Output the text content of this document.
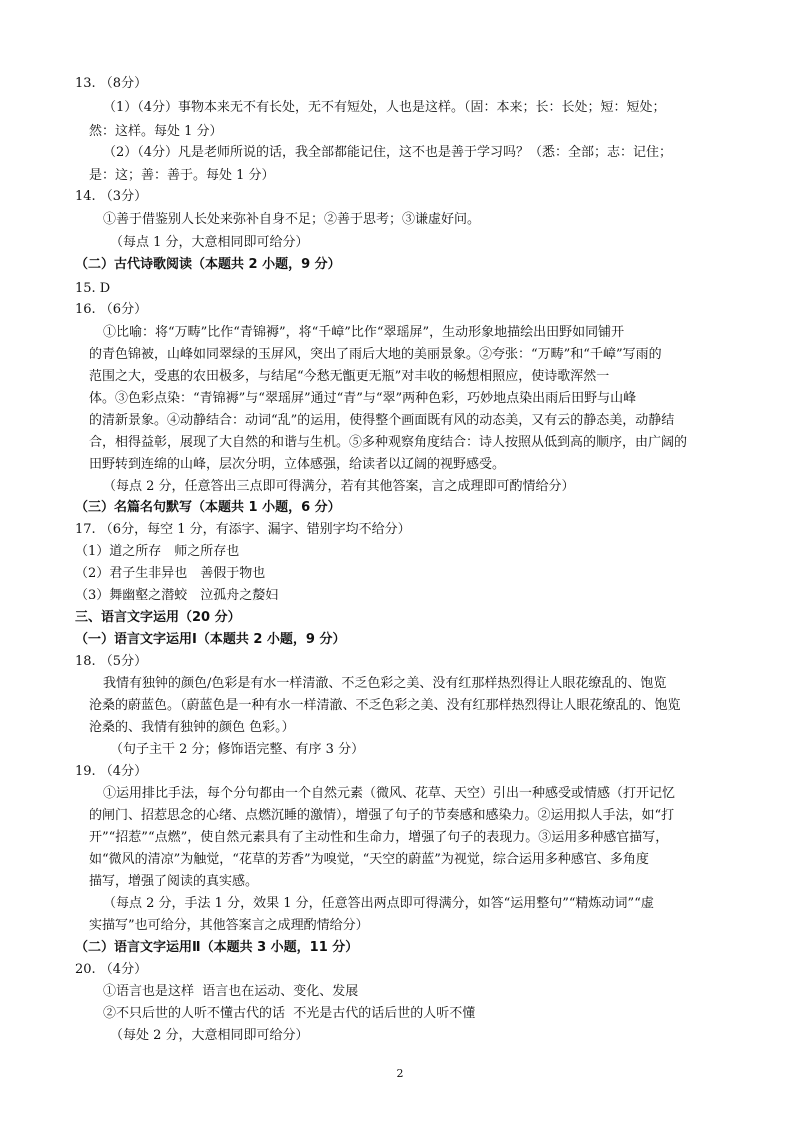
13. （8分）
（1）（4分）事物本来无不有长处，无不有短处，人也是这样。（固：本来；长：长处；短：短处；
然：这样。每处 1 分）
（2）（4分）凡是老师所说的话，我全部都能记住，这不也是善于学习吗？（悉：全部；志：记住；
是：这；善：善于。每处 1 分）
14. （3分）
①善于借鉴别人长处来弥补自身不足；②善于思考；③谦虚好问。
（每点 1 分，大意相同即可给分）
（二）古代诗歌阅读（本题共 2 小题，9 分）
15. D
16. （6分）
①比喻：将“万畴”比作“青锦褥”，将“千嶂”比作“翠瑶屏”，生动形象地描绘出田野如同铺开
的青色锦被，山峰如同翠绿的玉屏风，突出了雨后大地的美丽景象。②夸张：“万畴”和“千嶂”写雨的
范围之大，受惠的农田极多，与结尾“今愁无甑更无瓶”对丰收的畅想相照应，使诗歌浑然一
体。③色彩点染：“青锦褥”与“翠瑶屏”通过“青”与“翠”两种色彩，巧妙地点染出雨后田野与山峰
的清新景象。④动静结合：动词“乱”的运用，使得整个画面既有风的动态美，又有云的静态美，动静结
合，相得益彰，展现了大自然的和谐与生机。⑤多种观察角度结合：诗人按照从低到高的顺序，由广阔的
田野转到连绵的山峰，层次分明，立体感强，给读者以辽阔的视野感受。
（每点 2 分，任意答出三点即可得满分，若有其他答案，言之成理即可酌情给分）
（三）名篇名句默写（本题共 1 小题，6 分）
17. （6分，每空 1 分，有添字、漏字、错别字均不给分）
（1）道之所存　师之所存也
（2）君子生非异也　善假于物也
（3）舞幽壑之潜蛟　泣孤舟之嫠妇
三、语言文字运用（20 分）
（一）语言文字运用Ⅰ（本题共 2 小题，9 分）
18. （5分）
我情有独钟的颜色/色彩是有水一样清澈、不乏色彩之美、没有红那样热烈得让人眼花缭乱的、饱览
沧桑的蔚蓝色。（蔚蓝色是一种有水一样清澈、不乏色彩之美、没有红那样热烈得让人眼花缭乱的、饱览
沧桑的、我情有独钟的颜色 色彩。）
（句子主干 2 分；修饰语完整、有序 3 分）
19. （4分）
①运用排比手法，每个分句都由一个自然元素（微风、花草、天空）引出一种感受或情感（打开记忆
的闸门、招惹思念的心绪、点燃沉睡的激情），增强了句子的节奏感和感染力。②运用拟人手法，如“打
开”“招惹”“点燃”，使自然元素具有了主动性和生命力，增强了句子的表现力。③运用多种感官描写，
如“微风的清凉”为触觉，“花草的芳香”为嗅觉，“天空的蔚蓝”为视觉，综合运用多种感官、多角度
描写，增强了阅读的真实感。
（每点 2 分，手法 1 分，效果 1 分，任意答出两点即可得满分，如答“运用整句”“精炼动词”“虚
实描写”也可给分，其他答案言之成理酌情给分）
（二）语言文字运用Ⅱ（本题共 3 小题，11 分）
20. （4分）
①语言也是这样  语言也在运动、变化、发展
②不只后世的人听不懂古代的话  不光是古代的话后世的人听不懂
（每处 2 分，大意相同即可给分）
2
